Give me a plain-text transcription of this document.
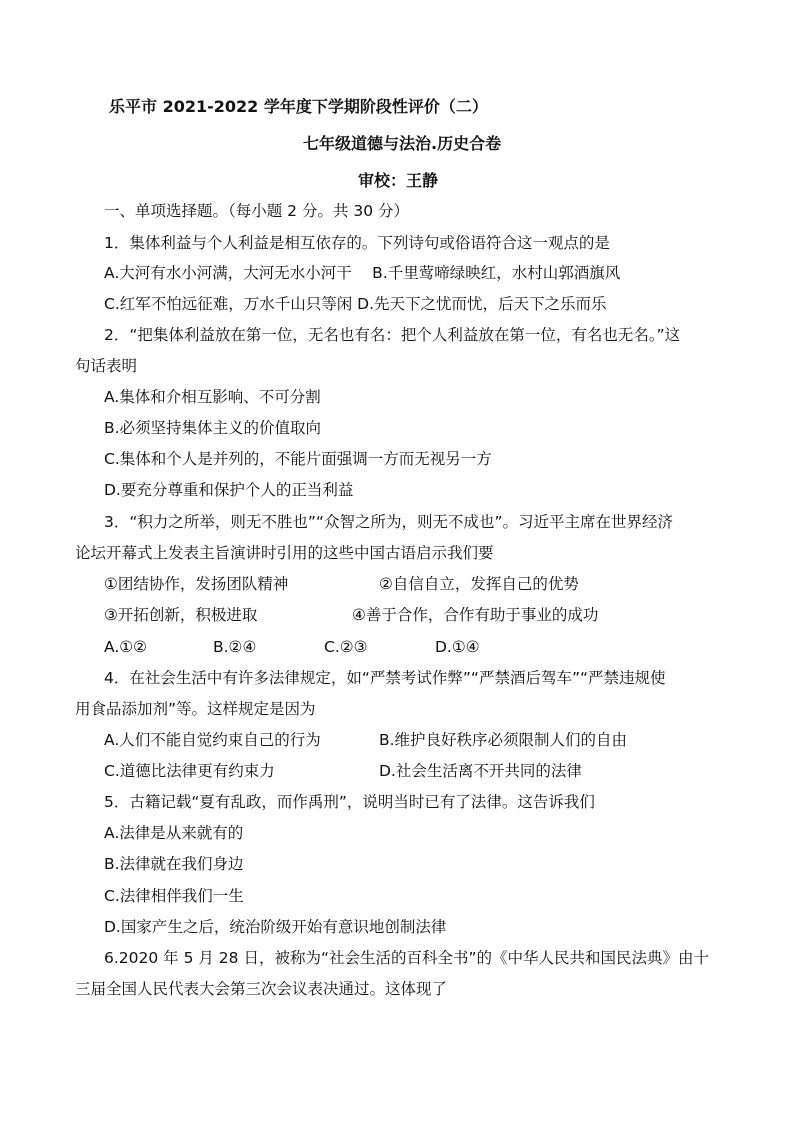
乐平市 2021-2022 学年度下学期阶段性评价（二）
七年级道德与法治.历史合卷
审校：王静
一、单项选择题。（每小题 2 分。共 30 分）
1．集体利益与个人利益是相互依存的。下列诗句或俗语符合这一观点的是
A.大河有水小河满，大河无水小河干　 B.千里莺啼绿映红，水村山郭酒旗风
C.红军不怕远征难，万水千山只等闲 D.先天下之忧而忧，后天下之乐而乐
2．“把集体利益放在第一位，无名也有名：把个人利益放在第一位，有名也无名。”这
句话表明
A.集体和介相互影响、不可分割
B.必须坚持集体主义的价值取向
C.集体和个人是并列的，不能片面强调一方而无视另一方
D.要充分尊重和保护个人的正当利益
3．“积力之所举，则无不胜也”“众智之所为，则无不成也”。习近平主席在世界经济
论坛开幕式上发表主旨演讲时引用的这些中国古语启示我们要
①团结协作，发扬团队精神	②自信自立，发挥自己的优势
③开拓创新，积极进取	④善于合作，合作有助于事业的成功
A.①②	B.②④	C.②③	D.①④
4．在社会生活中有许多法律规定，如“严禁考试作弊”“严禁酒后驾车”“严禁违规使
用食品添加剂”等。这样规定是因为
A.人们不能自觉约束自己的行为	B.维护良好秩序必须限制人们的自由
C.道德比法律更有约束力	D.社会生活离不开共同的法律
5．古籍记载“夏有乱政，而作禹刑”，说明当时已有了法律。这告诉我们
A.法律是从来就有的
B.法律就在我们身边
C.法律相伴我们一生
D.国家产生之后，统治阶级开始有意识地创制法律
6.2020 年 5 月 28 日，被称为“社会生活的百科全书”的《中华人民共和国民法典》由十
三届全国人民代表大会第三次会议表决通过。这体现了
